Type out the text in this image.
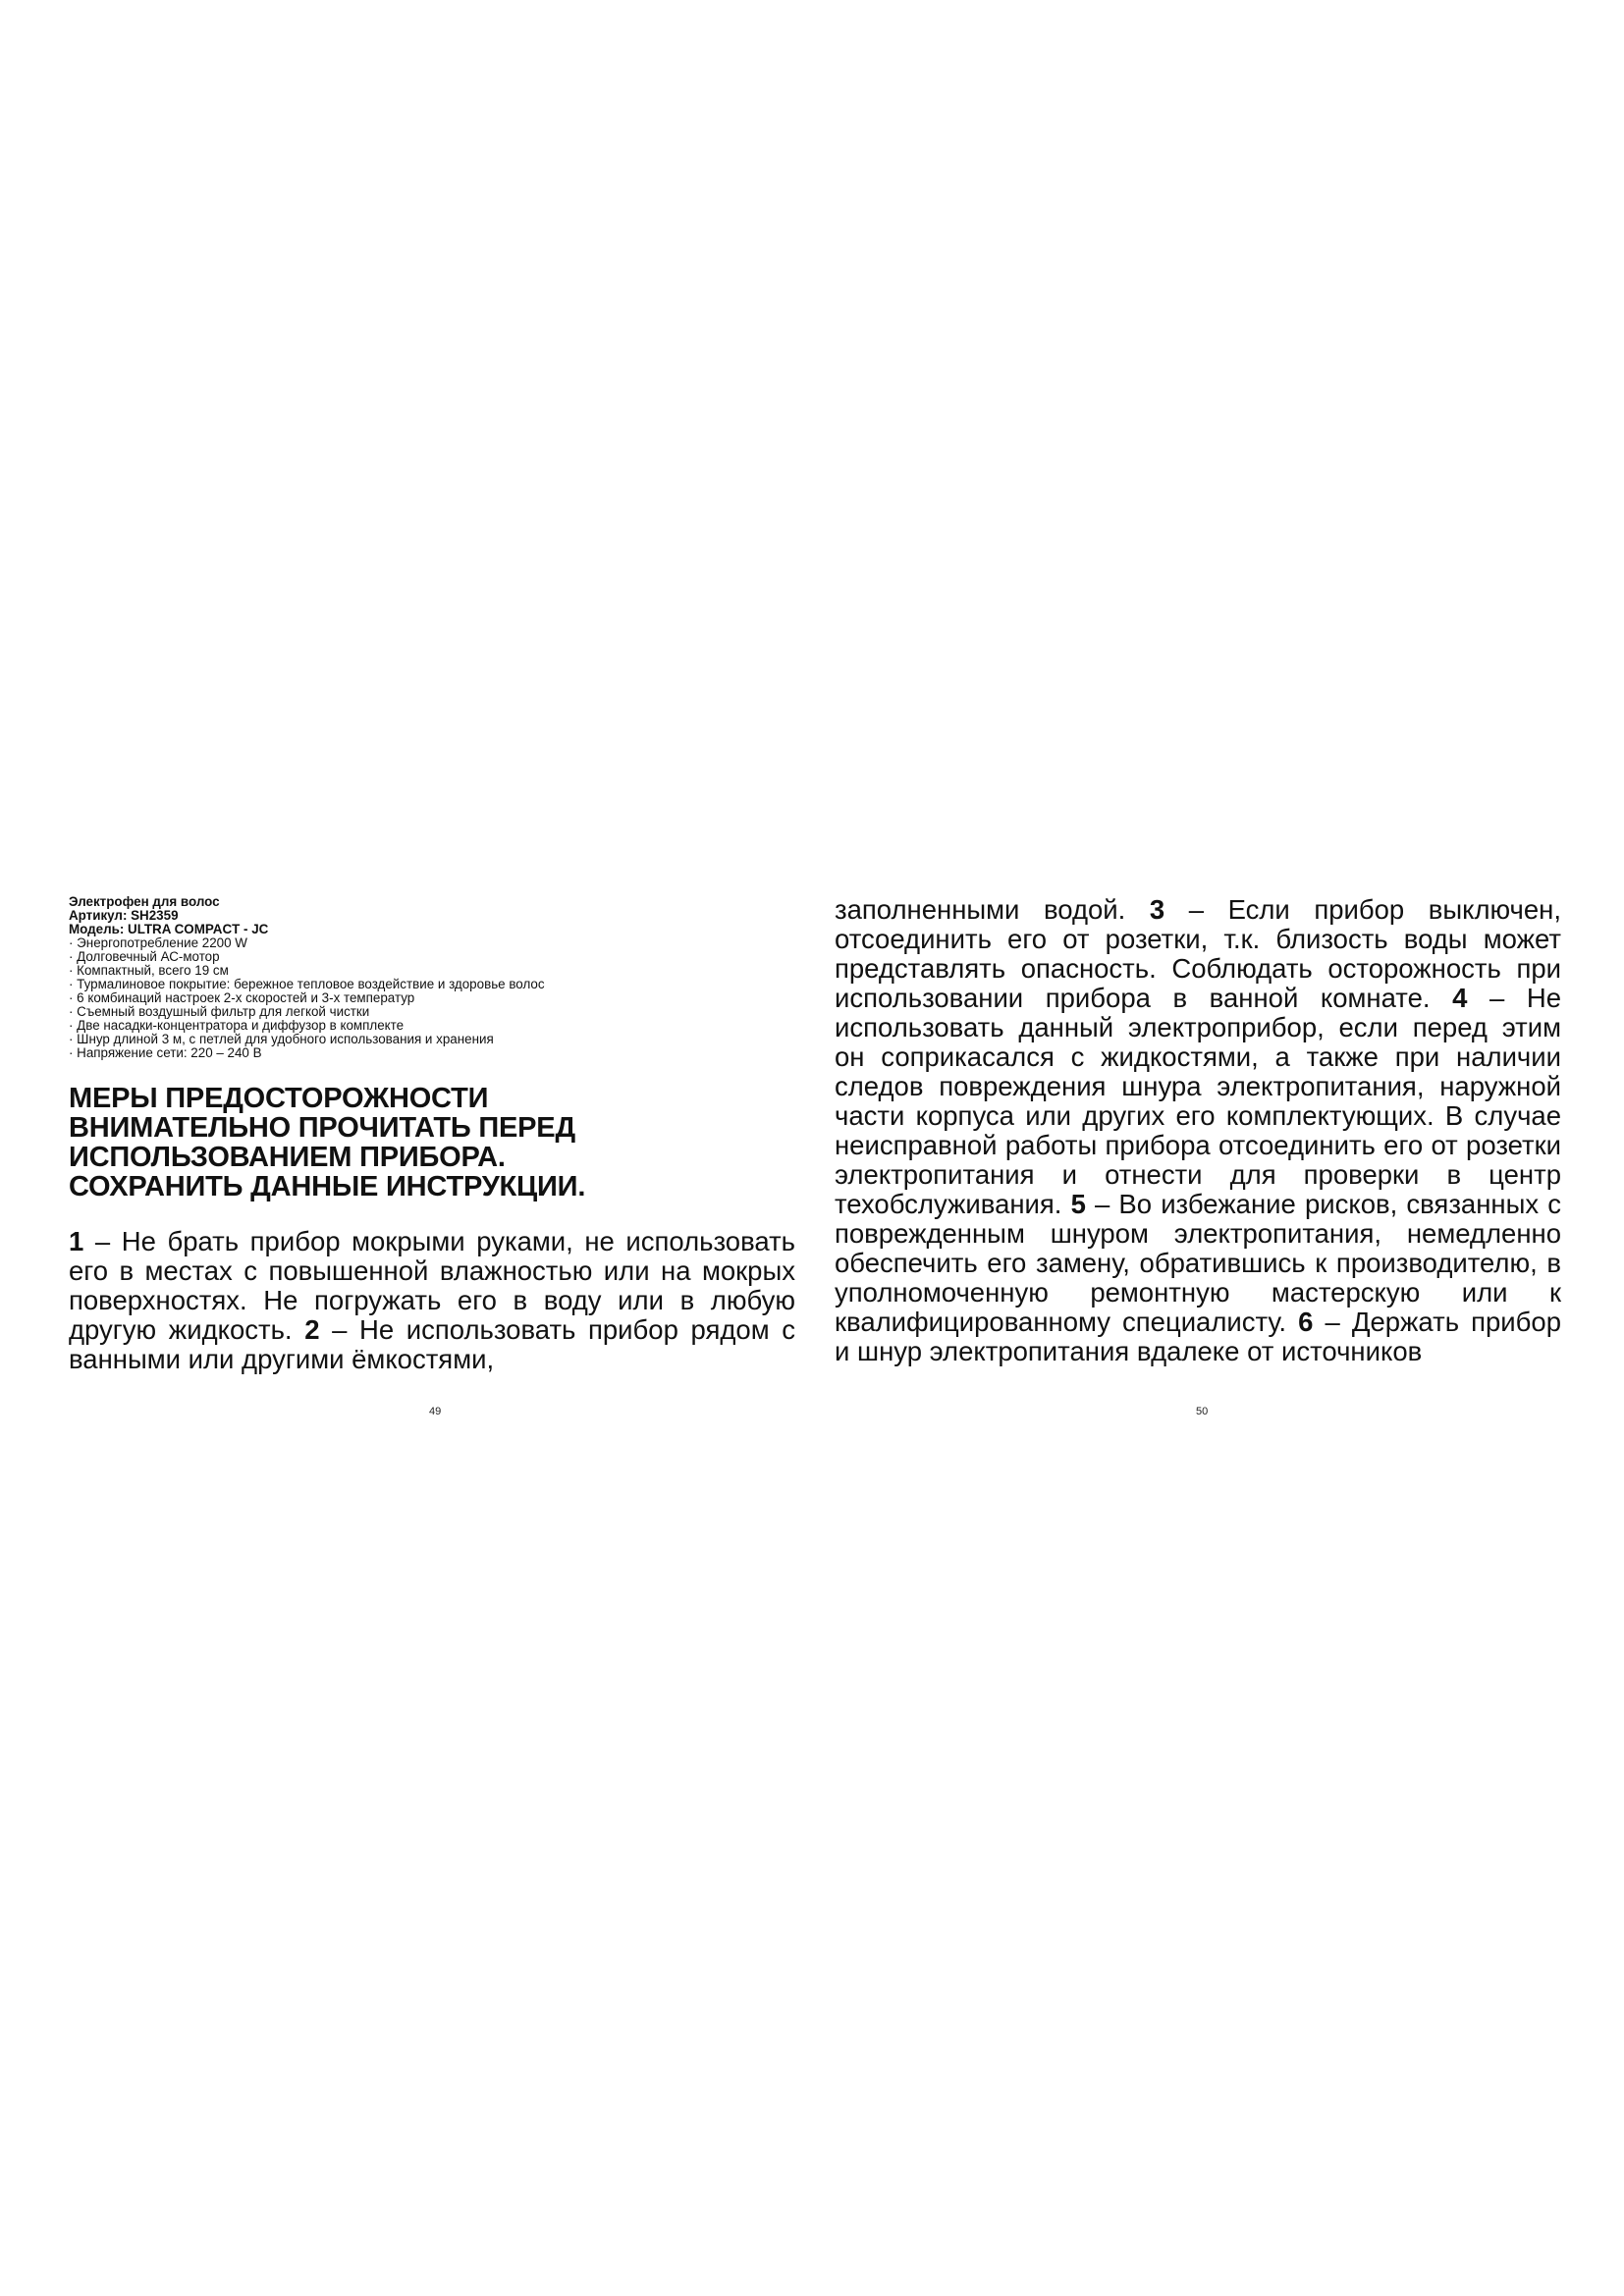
Электрофен для волос
Артикул: SH2359
Модель: ULTRA COMPACT - JC
· Энергопотребление 2200 W
· Долговечный АС-мотор
· Компактный, всего 19 см
· Турмалиновое покрытие: бережное тепловое воздействие и здоровье волос
· 6 комбинаций настроек 2-х скоростей и 3-х температур
· Съемный воздушный фильтр для легкой чистки
· Две насадки-концентратора и диффузор в комплекте
· Шнур длиной 3 м, с петлей для удобного использования и хранения
· Напряжение сети: 220 – 240 В
МЕРЫ ПРЕДОСТОРОЖНОСТИ
ВНИМАТЕЛЬНО ПРОЧИТАТЬ ПЕРЕД
ИСПОЛЬЗОВАНИЕМ ПРИБОРА.
СОХРАНИТЬ ДАННЫЕ ИНСТРУКЦИИ.
1 – Не брать прибор мокрыми руками, не использовать его в местах с повышенной влажностью или на мокрых поверхностях. Не погружать его в воду или в любую другую жидкость. 2 – Не использовать прибор рядом с ванными или другими ёмкостями,
заполненными водой. 3 – Если прибор выключен, отсоединить его от розетки, т.к. близость воды может представлять опасность. Соблюдать осторожность при использовании прибора в ванной комнате. 4 – Не использовать данный электроприбор, если перед этим он соприкасался с жидкостями, а также при наличии следов повреждения шнура электропитания, наружной части корпуса или других его комплектующих. В случае неисправной работы прибора отсоединить его от розетки электропитания и отнести для проверки в центр техобслуживания. 5 – Во избежание рисков, связанных с поврежденным шнуром электропитания, немедленно обеспечить его замену, обратившись к производителю, в уполномоченную ремонтную мастерскую или к квалифицированному специалисту. 6 – Держать прибор и шнур электропитания вдалеке от источников
49	50
